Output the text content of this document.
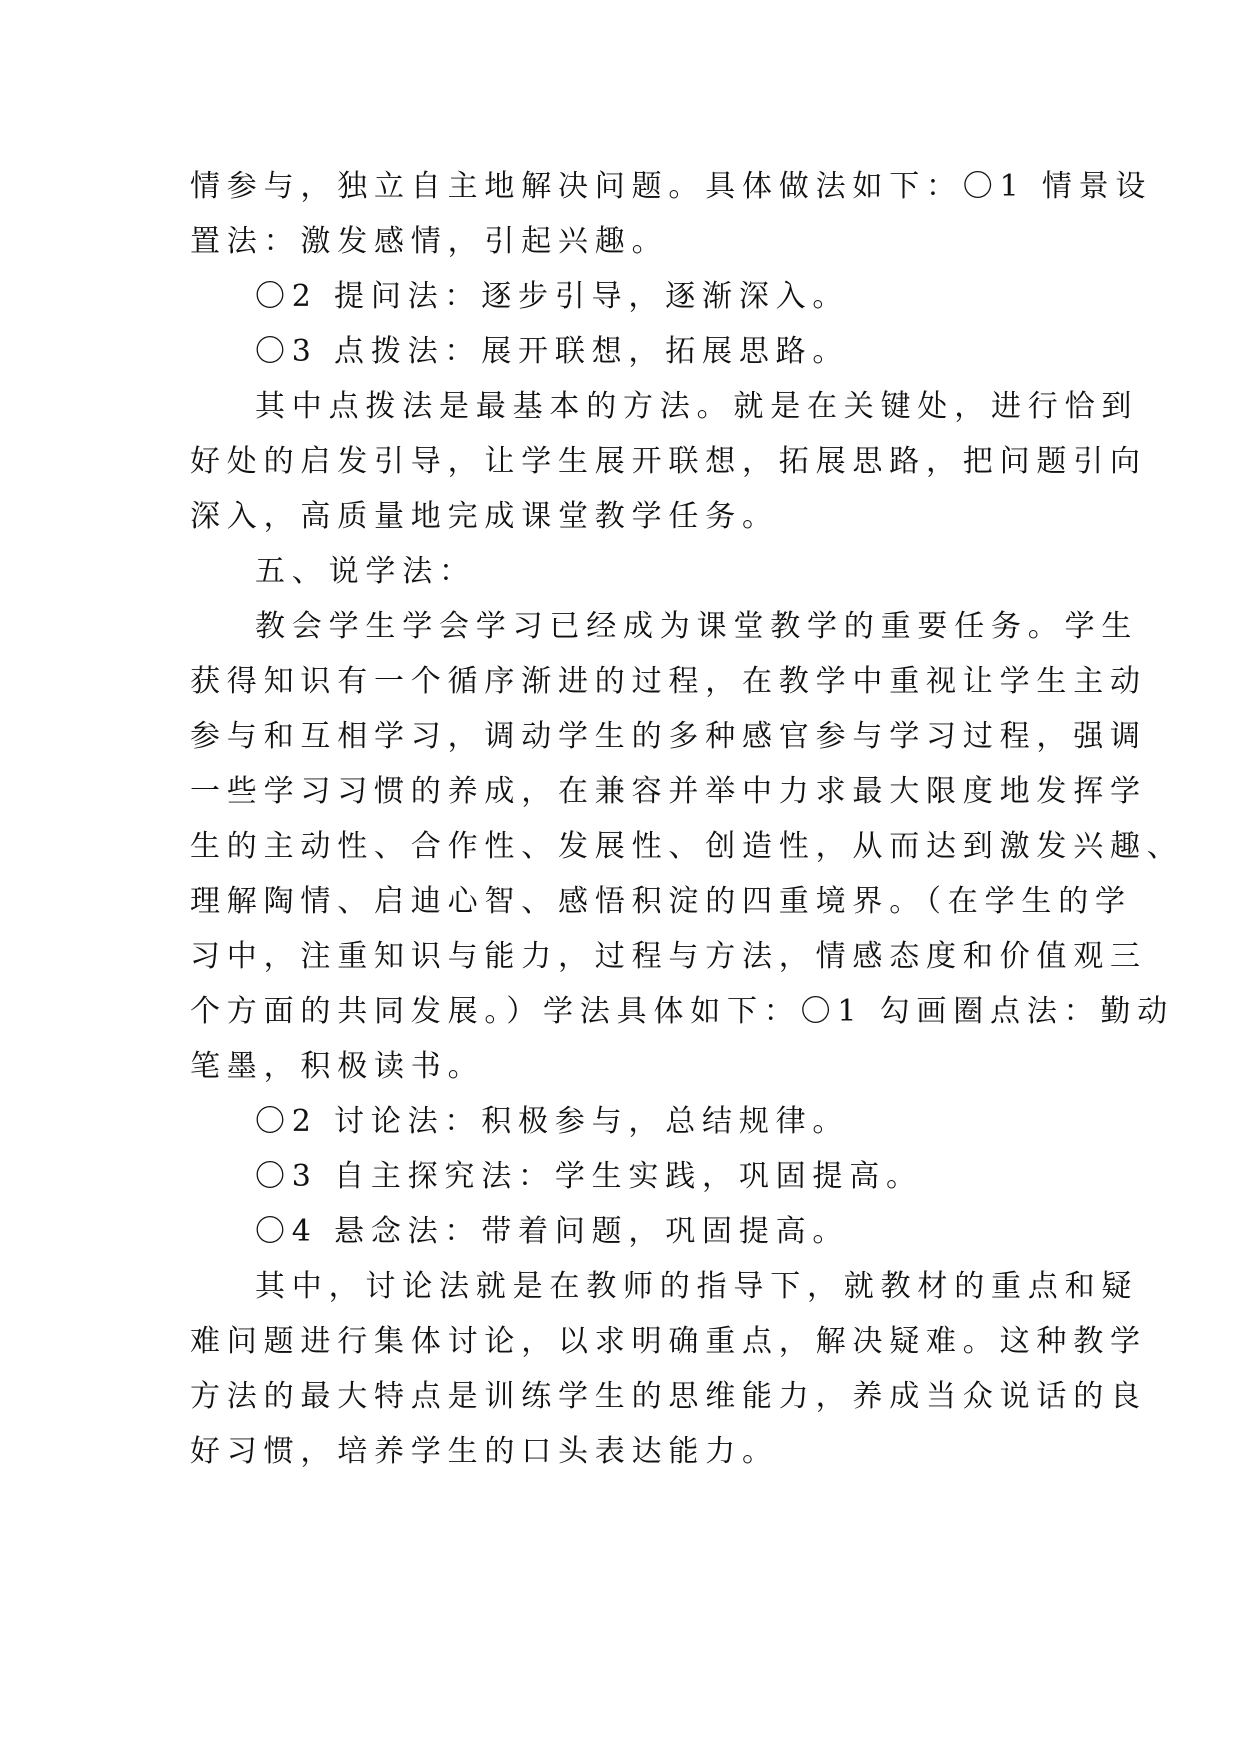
情参与，独立自主地解决问题。具体做法如下：〇1 情景设
置法：激发感情，引起兴趣。
〇2 提问法：逐步引导，逐渐深入。
〇3 点拨法：展开联想，拓展思路。
其中点拨法是最基本的方法。就是在关键处，进行恰到
好处的启发引导，让学生展开联想，拓展思路，把问题引向
深入，高质量地完成课堂教学任务。
五、说学法：
教会学生学会学习已经成为课堂教学的重要任务。学生
获得知识有一个循序渐进的过程，在教学中重视让学生主动
参与和互相学习，调动学生的多种感官参与学习过程，强调
一些学习习惯的养成，在兼容并举中力求最大限度地发挥学
生的主动性、合作性、发展性、创造性，从而达到激发兴趣、
理解陶情、启迪心智、感悟积淀的四重境界。（在学生的学
习中，注重知识与能力，过程与方法，情感态度和价值观三
个方面的共同发展。）学法具体如下：〇1 勾画圈点法：勤动
笔墨，积极读书。
〇2 讨论法：积极参与，总结规律。
〇3 自主探究法：学生实践，巩固提高。
〇4 悬念法：带着问题，巩固提高。
其中，讨论法就是在教师的指导下，就教材的重点和疑
难问题进行集体讨论，以求明确重点，解决疑难。这种教学
方法的最大特点是训练学生的思维能力，养成当众说话的良
好习惯，培养学生的口头表达能力。
